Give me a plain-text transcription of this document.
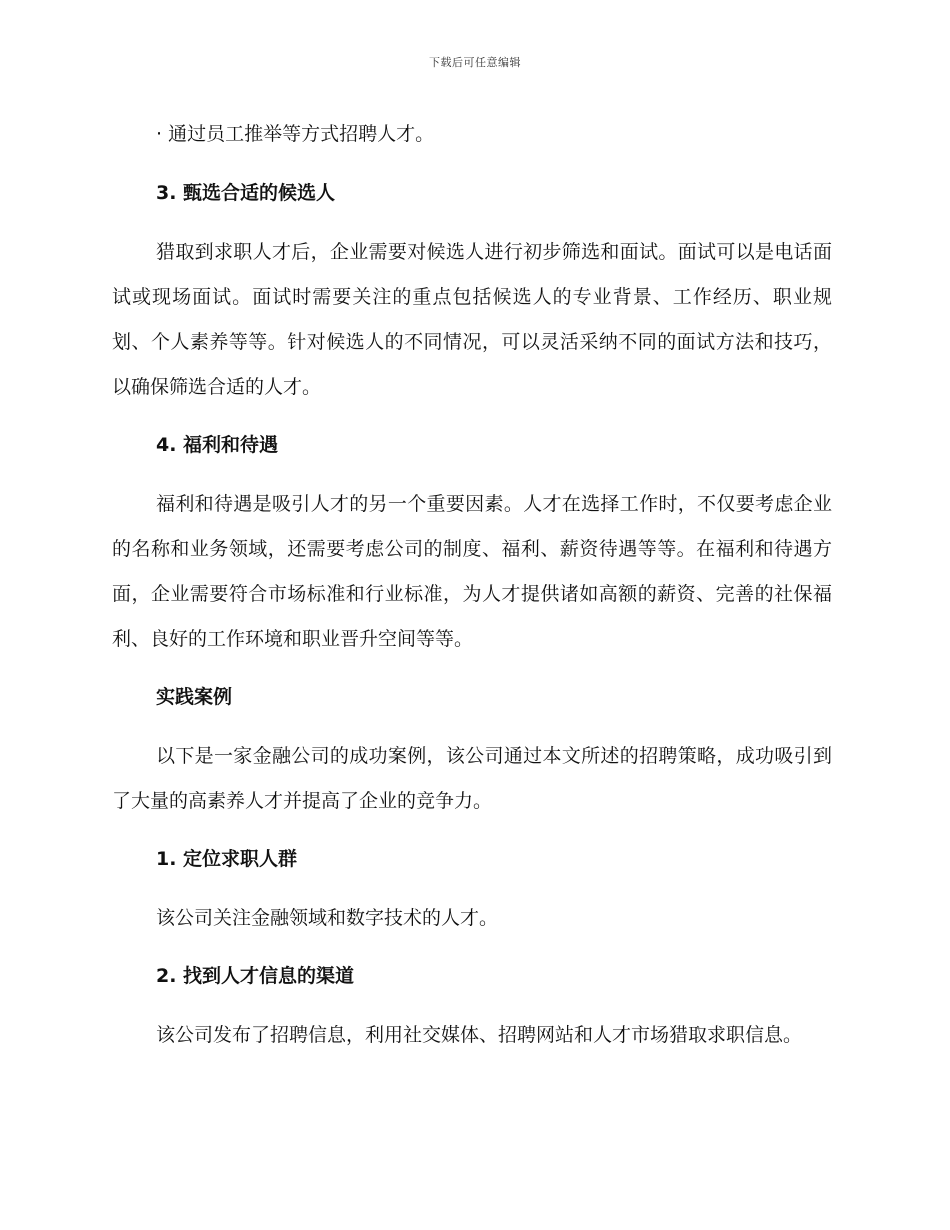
下载后可任意编辑

· 通过员工推举等方式招聘人才。

3. 甄选合适的候选人

猎取到求职人才后，企业需要对候选人进行初步筛选和面试。面试可以是电话面试或现场面试。面试时需要关注的重点包括候选人的专业背景、工作经历、职业规划、个人素养等等。针对候选人的不同情况，可以灵活采纳不同的面试方法和技巧，以确保筛选合适的人才。

4. 福利和待遇

福利和待遇是吸引人才的另一个重要因素。人才在选择工作时，不仅要考虑企业的名称和业务领域，还需要考虑公司的制度、福利、薪资待遇等等。在福利和待遇方面，企业需要符合市场标准和行业标准，为人才提供诸如高额的薪资、完善的社保福利、良好的工作环境和职业晋升空间等等。

实践案例

以下是一家金融公司的成功案例，该公司通过本文所述的招聘策略，成功吸引到了大量的高素养人才并提高了企业的竞争力。

1. 定位求职人群

该公司关注金融领域和数字技术的人才。

2. 找到人才信息的渠道

该公司发布了招聘信息，利用社交媒体、招聘网站和人才市场猎取求职信息。
